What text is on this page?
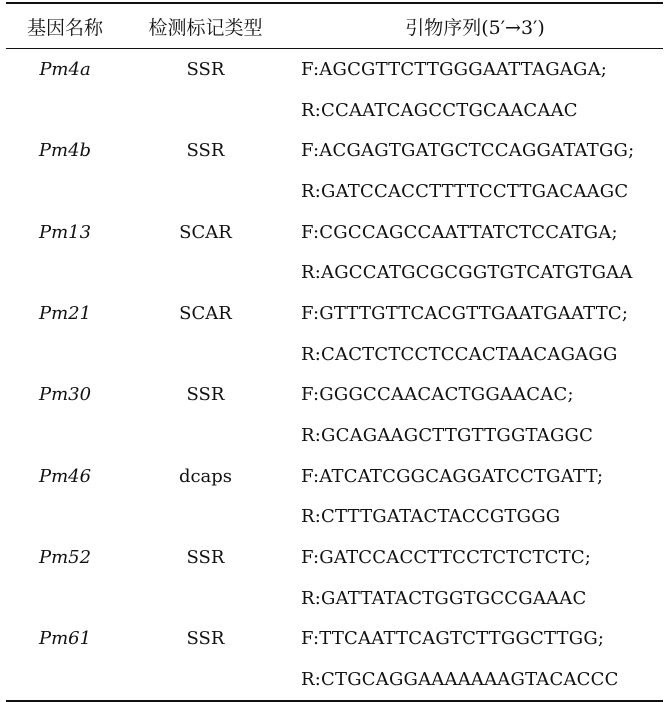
基因名称	检测标记类型	引物序列(5′→3′)
Pm4a	SSR	F:AGCGTTCTTGGGAATTAGAGA;
		R:CCAATCAGCCTGCAACAAC
Pm4b	SSR	F:ACGAGTGATGCTCCAGGATATGG;
		R:GATCCACCTTTTCCTTGACAAGC
Pm13	SCAR	F:CGCCAGCCAATTATCTCCATGA;
		R:AGCCATGCGCGGTGTCATGTGAA
Pm21	SCAR	F:GTTTGTTCACGTTGAATGAATTC;
		R:CACTCTCCTCCACTAACAGAGG
Pm30	SSR	F:GGGCCAACACTGGAACAC;
		R:GCAGAAGCTTGTTGGTAGGC
Pm46	dcaps	F:ATCATCGGCAGGATCCTGATT;
		R:CTTTGATACTACCGTGGG
Pm52	SSR	F:GATCCACCTTCCTCTCTCTC;
		R:GATTATACTGGTGCCGAAAC
Pm61	SSR	F:TTCAATTCAGTCTTGGCTTGG;
		R:CTGCAGGAAAAAAAGTACACCC
